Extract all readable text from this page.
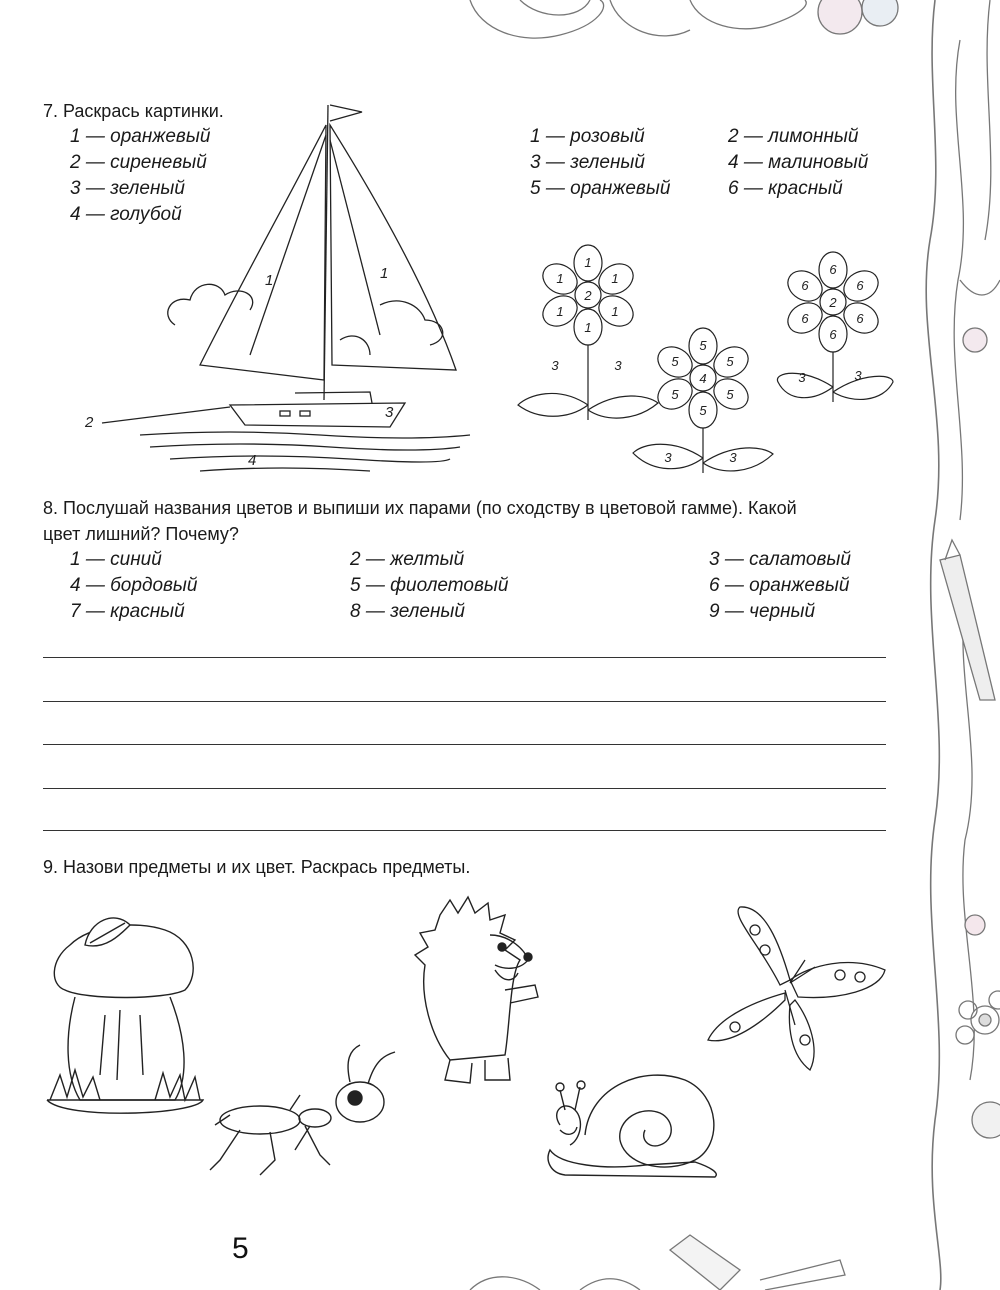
7. Раскрась картинки.
1 — оранжевый
2 — сиреневый
3 — зеленый
4 — голубой
1 — розовый	2 — лимонный
3 — зеленый	4 — малиновый
5 — оранжевый	6 — красный
1	1
2
3
4
1
1
1
1
1
1
2
3	3
5
5
5
5
5
5
4
3	3
6
6
6
6
6
6
2
3	3
8. Послушай названия цветов и выпиши их парами (по сходству в цветовой гамме). Какой
цвет лишний? Почему?
1 — синий	2 — желтый	3 — салатовый
4 — бордовый	5 — фиолетовый	6 — оранжевый
7 — красный	8 — зеленый	9 — черный
9. Назови предметы и их цвет. Раскрась предметы.
5
